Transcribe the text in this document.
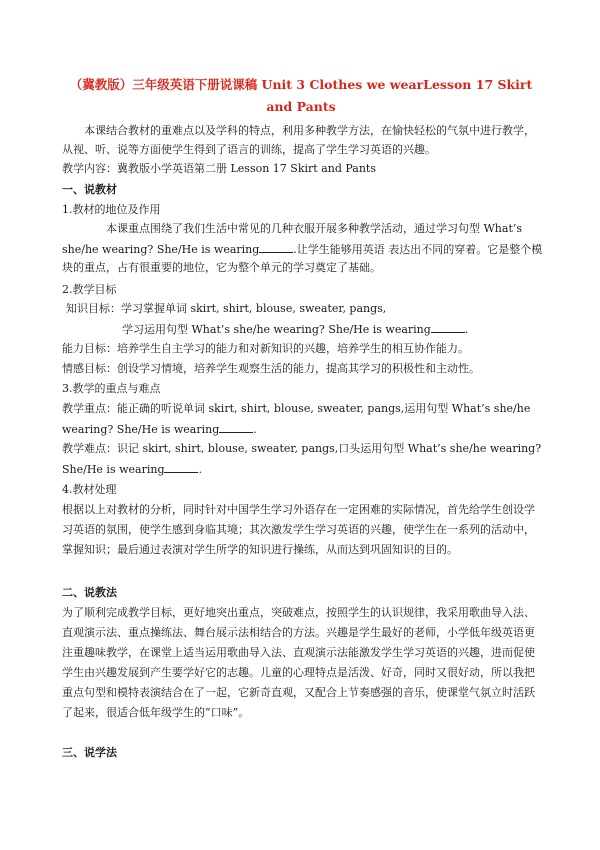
（冀教版）三年级英语下册说课稿 Unit 3 Clothes we wearLesson 17 Skirt
and Pants
本课结合教材的重难点以及学科的特点，利用多种教学方法，在愉快轻松的气氛中进行教学，
从视、听、说等方面使学生得到了语言的训练，提高了学生学习英语的兴趣。
教学内容：冀教版小学英语第二册 Lesson 17 Skirt and Pants
一、说教材
1.教材的地位及作用
本课重点围绕了我们生活中常见的几种衣服开展多种教学活动，通过学习句型 What’s
she/he wearing? She/He is wearing	.让学生能够用英语 表达出不同的穿着。它是整个模
块的重点，占有很重要的地位，它为整个单元的学习奠定了基础。
2.教学目标
知识目标：学习掌握单词 skirt, shirt, blouse, sweater, pangs,
学习运用句型 What’s she/he wearing? She/He is wearing	.
能力目标：培养学生自主学习的能力和对新知识的兴趣，培养学生的相互协作能力。
情感目标：创设学习情境，培养学生观察生活的能力，提高其学习的积极性和主动性。
3.教学的重点与难点
教学重点：能正确的听说单词 skirt, shirt, blouse, sweater, pangs,运用句型 What’s she/he
wearing? She/He is wearing	.
教学难点：识记 skirt, shirt, blouse, sweater, pangs,口头运用句型 What’s she/he wearing?
She/He is wearing	.
4.教材处理
根据以上对教材的分析，同时针对中国学生学习外语存在一定困难的实际情况，首先给学生创设学
习英语的氛围，使学生感到身临其境；其次激发学生学习英语的兴趣，使学生在一系列的活动中，
掌握知识；最后通过表演对学生所学的知识进行操练，从而达到巩固知识的目的。
二、说教法
为了顺利完成教学目标，更好地突出重点，突破难点，按照学生的认识规律，我采用歌曲导入法、
直观演示法、重点操练法、舞台展示法相结合的方法。兴趣是学生最好的老师，小学低年级英语更
注重趣味教学，在课堂上适当运用歌曲导入法、直观演示法能激发学生学习英语的兴趣，进而促使
学生由兴趣发展到产生要学好它的志趣。儿童的心理特点是活泼、好奇，同时又很好动，所以我把
重点句型和模特表演结合在了一起，它新奇直观，又配合上节奏感强的音乐，使课堂气氛立时活跃
了起来，很适合低年级学生的“口味”。
三、说学法
